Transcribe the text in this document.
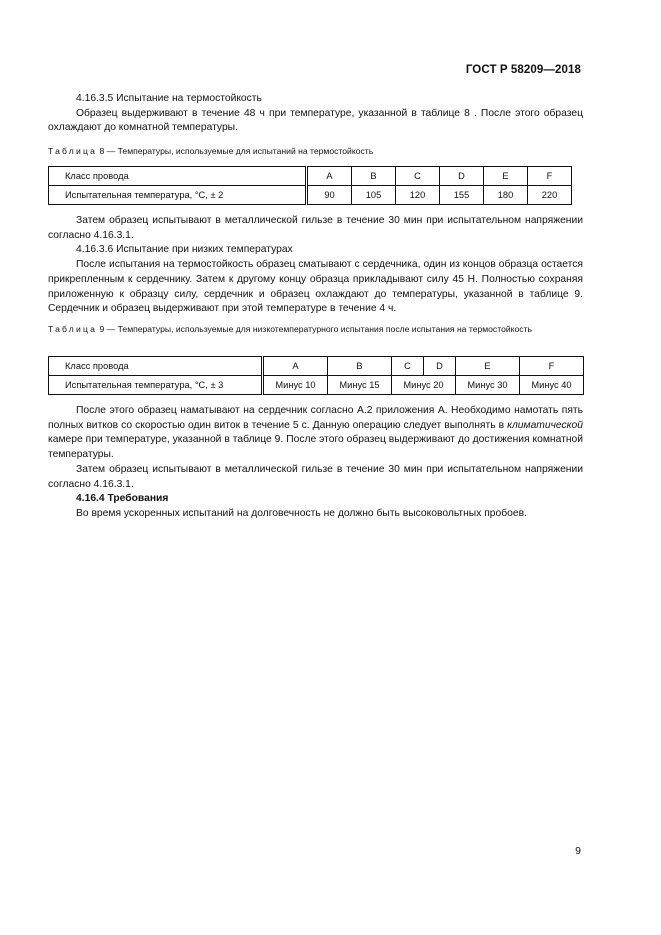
ГОСТ Р 58209—2018

4.16.3.5 Испытание на термостойкость

Образец выдерживают в течение 48 ч при температуре, указанной в таблице 8 . После этого образец охлаждают до комнатной температуры.

Таблица 8 — Температуры, используемые для испытаний на термостойкость

Класс провода	A	B	C	D	E	F
Испытательная температура, °C, ± 2	90	105	120	155	180	220

Затем образец испытывают в металлической гильзе в течение 30 мин при испытательном напряжении согласно 4.16.3.1.

4.16.3.6 Испытание при низких температурах

После испытания на термостойкость образец сматывают с сердечника, один из концов образца остается прикрепленным к сердечнику. Затем к другому концу образца прикладывают силу 45 Н. Полностью сохраняя приложенную к образцу силу, сердечник и образец охлаждают до температуры, указанной в таблице 9. Сердечник и образец выдерживают при этой температуре в течение 4 ч.

Таблица 9 — Температуры, используемые для низкотемпературного испытания после испытания на термостойкость

Класс провода	A	B	C	D	E	F
Испытательная температура, °C, ± 3	Минус 10	Минус 15	Минус 20		Минус 30	Минус 40

После этого образец наматывают на сердечник согласно А.2 приложения А. Необходимо намотать пять полных витков со скоростью один виток в течение 5 с. Данную операцию следует выполнять в климатической камере при температуре, указанной в таблице 9. После этого образец выдерживают до достижения комнатной температуры.

Затем образец испытывают в металлической гильзе в течение 30 мин при испытательном напряжении согласно 4.16.3.1.

4.16.4 Требования

Во время ускоренных испытаний на долговечность не должно быть высоковольтных пробоев.

9
